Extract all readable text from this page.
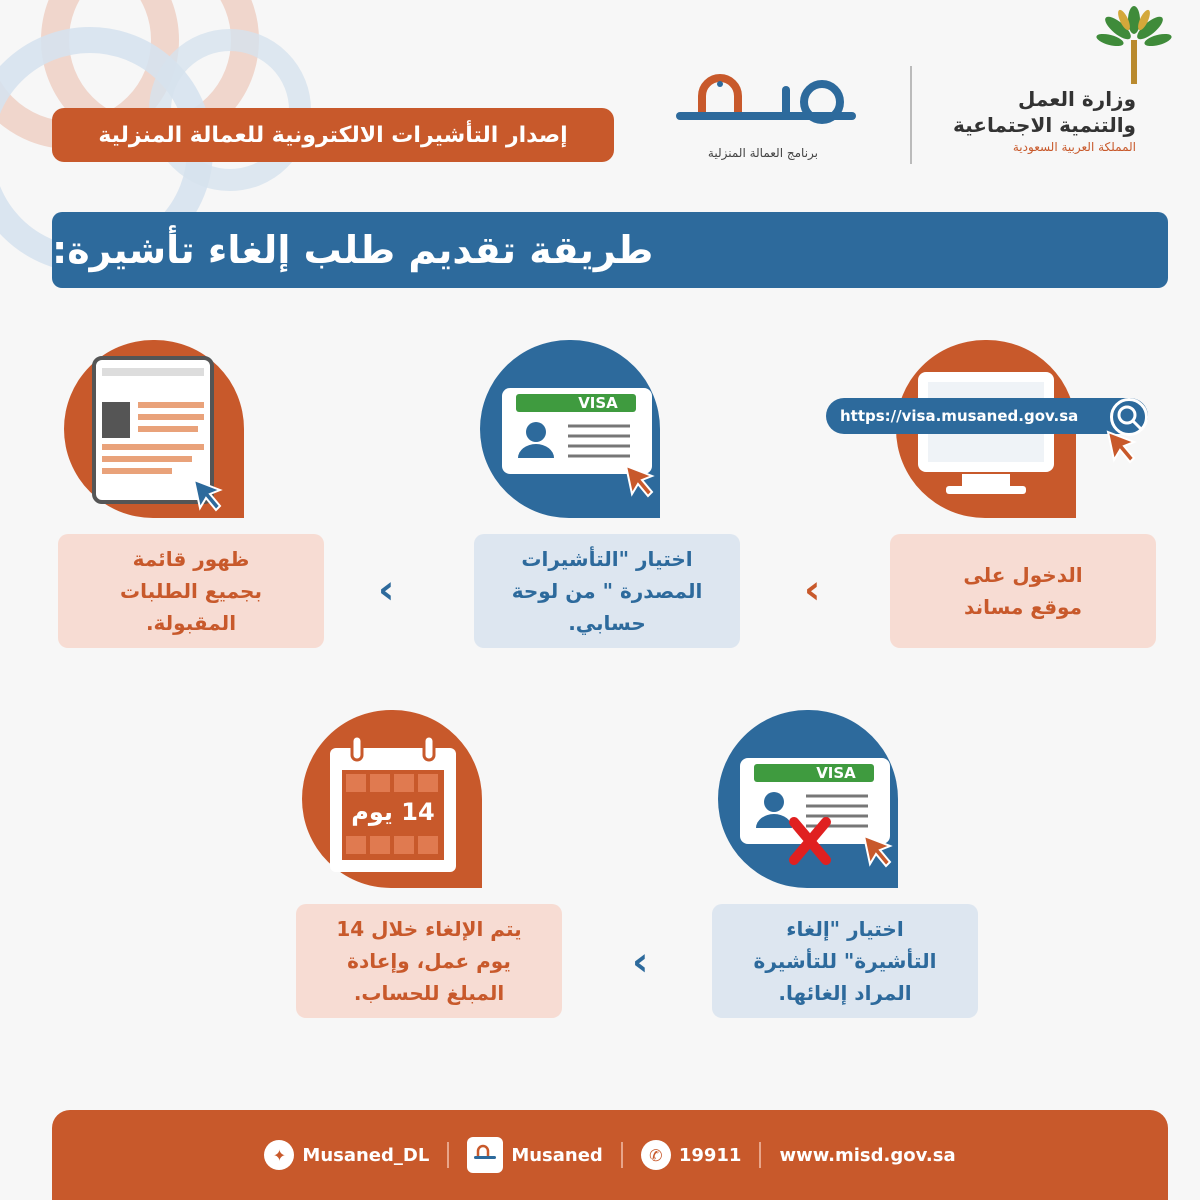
إصدار التأشيرات الالكترونية للعمالة المنزلية
برنامج العمالة المنزلية
وزارة العمل
والتنمية الاجتماعية
المملكة العربية السعودية
طريقة تقديم طلب إلغاء تأشيرة:
https://visa.musaned.gov.sa
الدخول على
موقع مساند
‹
VISA
اختيار "التأشيرات
المصدرة " من لوحة
حسابي.
‹
ظهور قائمة
بجميع الطلبات
المقبولة.
VISA
اختيار "إلغاء
التأشيرة" للتأشيرة
المراد إلغائها.
‹
14 يوم
يتم الإلغاء خلال 14
يوم عمل، وإعادة
المبلغ للحساب.
✦ Musaned_DL	Musaned	✆ 19911 www.misd.gov.sa
